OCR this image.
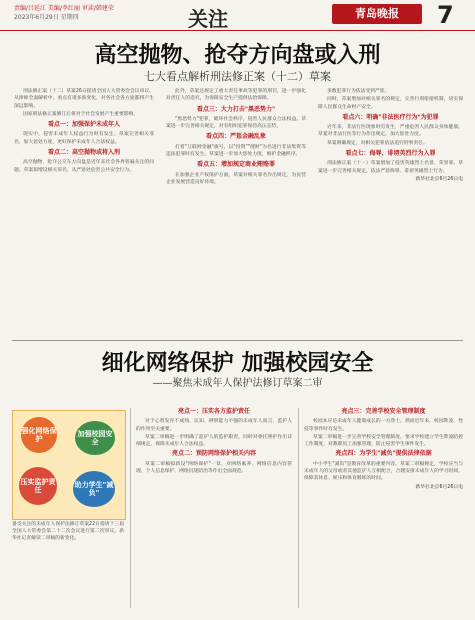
责编/吕延江 美编/李红丽 审读/韩建荣
2023年6月29日 星期四	关注	青岛晚报	7
高空抛物、抢夺方向盘或入刑
七大看点解析刑法修正案（十二）草案

刑法修正案（十二）草案26日提请全国人大常委会会议审议。从律师全面解析中，看点有诸多新变化，对各社会各方面都将产生深远影响。

国家刑法修正案修订后将对于社会发展产生重要影响。

看点一：加强保护未成年人

现实中，侵害未成年人权益行为时有发生。草案完善相关罪名，加大惩处力度，更好保护未成年人合法权益。

看点二：高空抛物或将入刑

高空抛物，抢夺公交车方向盘是近年来社会各界普遍关注的问题。草案拟增设相关罪名，从严惩处危害公共安全行为。

此外，草案还规定了重大责任事故等犯罪的刑罚，进一步强化对责任人的追究，为保障安全生产提供法治保障。

看点三：大力打击"黑恶势力"

"黑恶势力"犯罪，破坏社会秩序，侵害人民群众合法权益。草案进一步完善相关规定，对有组织犯罪保持高压态势。

看点四：严惩金融乱象

打着"互联网金融"旗号，以"投资""理财"为名进行非法集资等违法犯罪时有发生。草案进一步加大惩处力度，维护金融秩序。

看点五：增加规定商业贿赂罪

在加强企业产权保护方面，草案对相关罪名作出规定，为民营企业发展营造良好环境。

多数犯罪行为依法受到严惩。

同时，草案增加对相关罪名的规定，完善行刑衔接机制，切实保障人民群众生命财产安全。

看点六：明确"非法医疗行为"为犯罪

近年来，非法行医现象时有发生，严重危害人民群众身体健康。草案对非法行医等行为作出规定，加大惩处力度。

草案明确规定，对相关犯罪依法追究刑事责任。

看点七：侮辱、诽谤英烈行为入罪

刑法修正案（十一）草案增加了侵害英雄烈士名誉、荣誉罪。草案进一步完善相关规定，依法严惩侮辱、诽谤英雄烈士行为。

新华社北京6月26日电
细化网络保护 加强校园安全
——聚焦未成年人保护法修订草案二审
强化网络保护
加强校园安全
压实监护责任
助力学生"减负"
备受关注的未成年人保护法修订草案22日提请十三届全国人大常委会第二十二次会议进行第二次审议。新华社记者解读二审稿的新变化。
亮点一：压实各方监护责任

对于心智发育不成熟、认知、辨别能力不强的未成年人而言，监护人的作用至关重要。

草案二审稿进一步明确了监护人的监护职责，同时对委托照护作出详细规定，保障未成年人合法权益。

亮点二：预防网络保护相关内容

草案二审稿拟新设"网络保护"一章，对网络素养、网络信息内容管理、个人信息保护、网络沉迷防治等作出全面规范。

亮点三：完善学校安全管理制度

校园本应是未成年人健康成长的一方净土。然而近年来，校园欺凌、性侵等事件时有发生。

草案二审稿进一步完善学校安全管理制度，要求学校建立学生欺凌防控工作制度，对教职员工加强管理，防止侵害学生事件发生。

亮点四：为学生"减负"提供法律依据

中小学生"减负"是教育改革的重要内容。草案二审稿规定，学校应当与未成年人的父母或者其他监护人互相配合，合理安排未成年人的学习时间，保障其休息、娱乐和体育锻炼的时间。

新华社北京6月26日电
